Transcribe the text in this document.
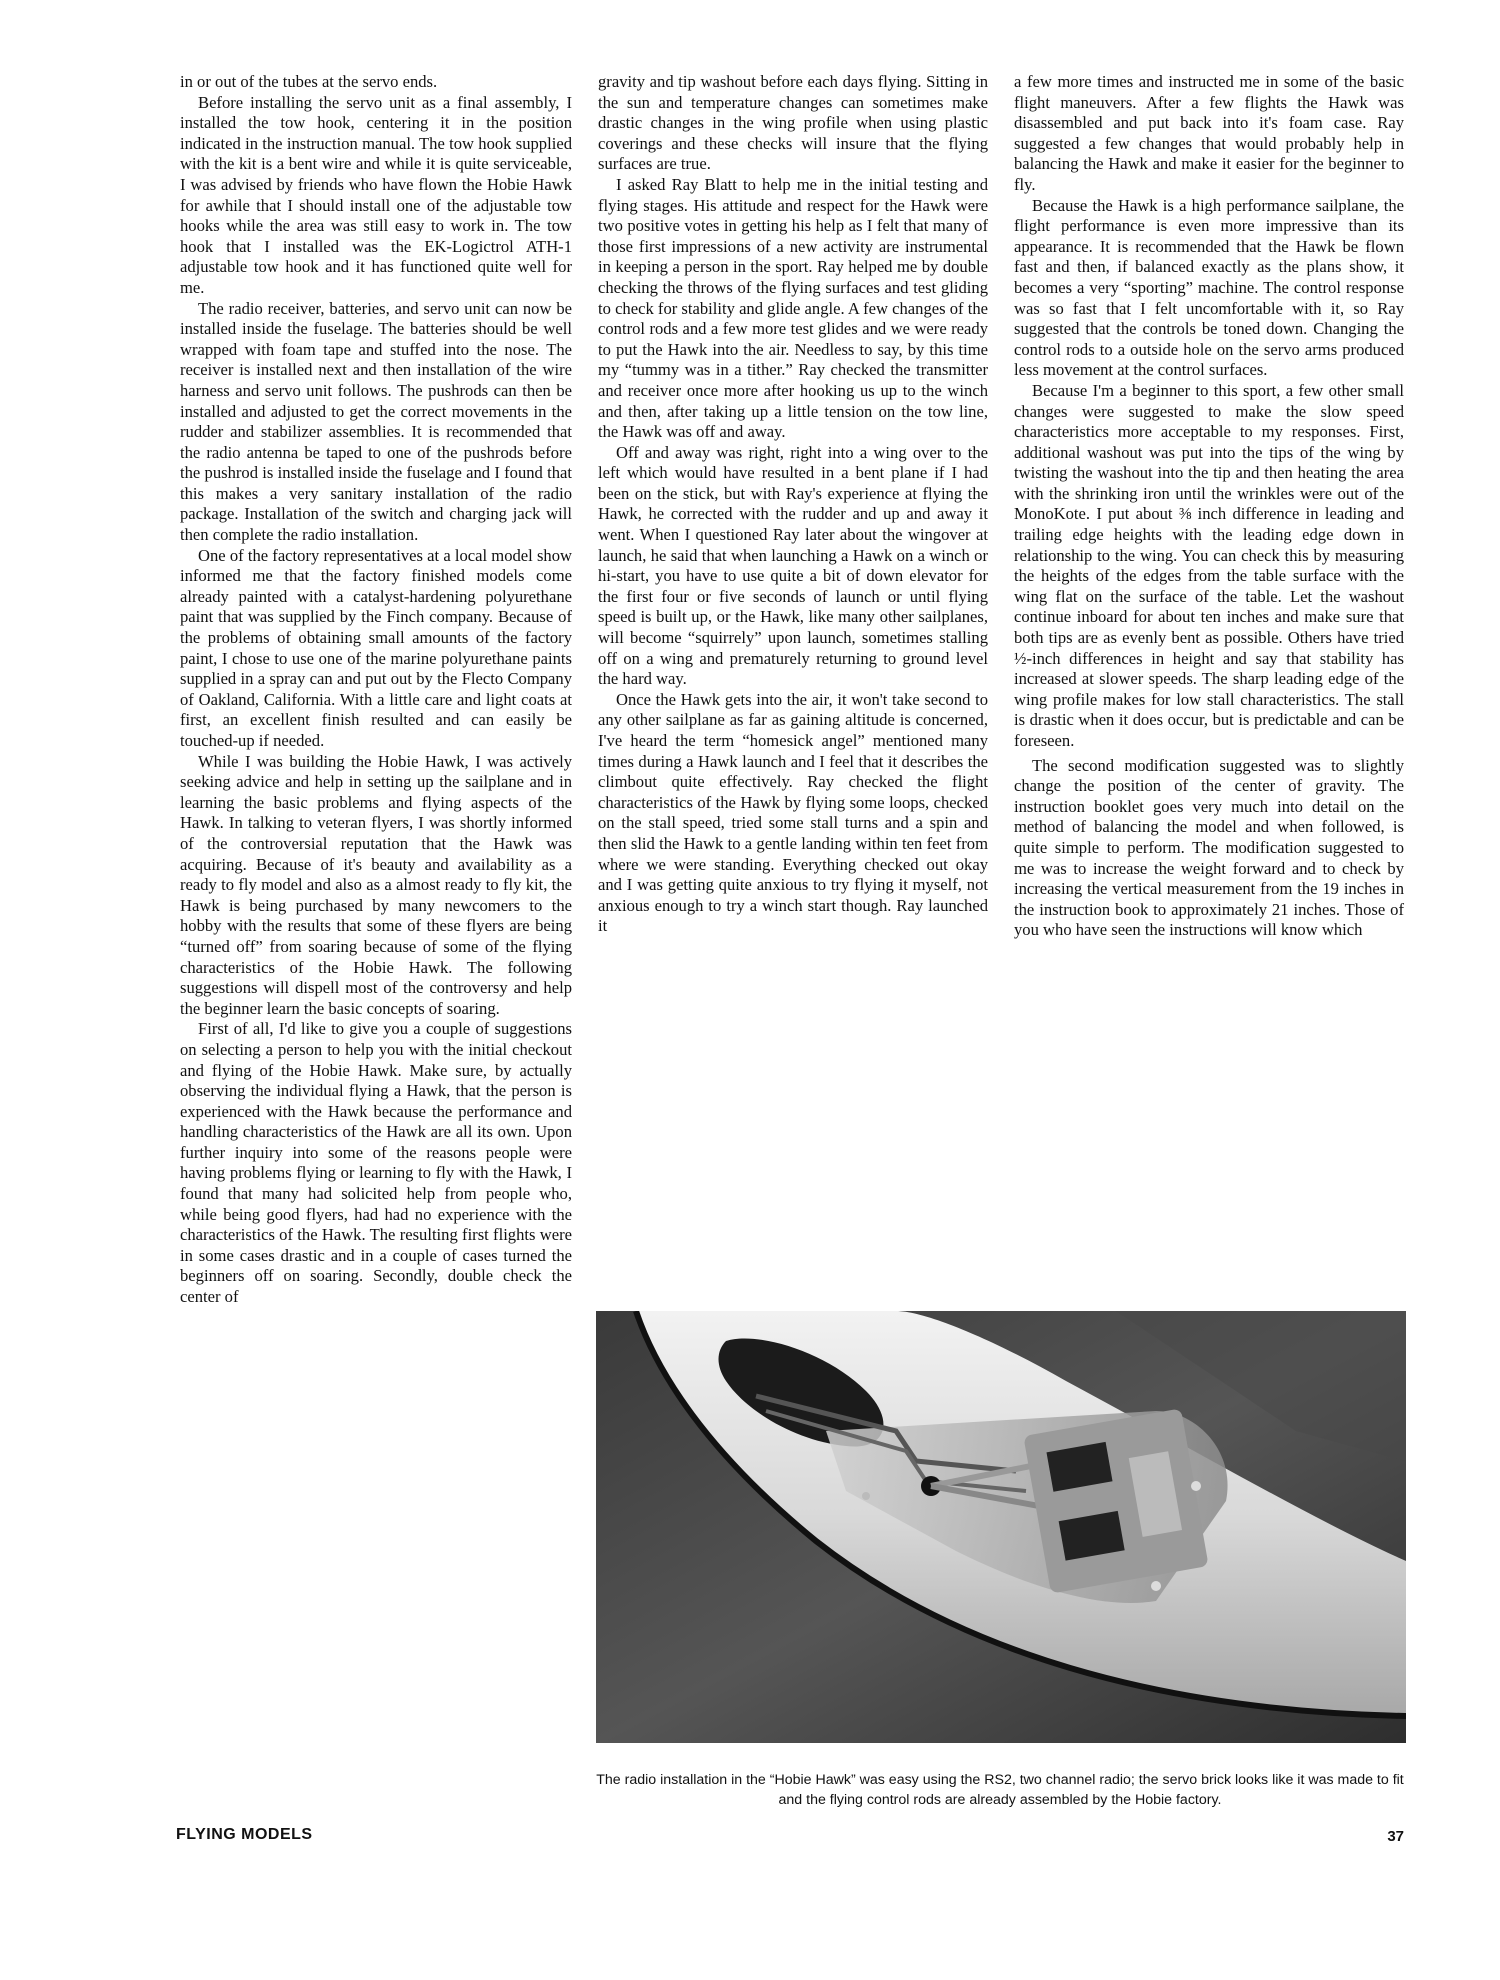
in or out of the tubes at the servo ends.

Before installing the servo unit as a final assembly, I installed the tow hook, centering it in the position indicated in the instruction manual. The tow hook supplied with the kit is a bent wire and while it is quite serviceable, I was advised by friends who have flown the Hobie Hawk for awhile that I should install one of the adjustable tow hooks while the area was still easy to work in. The tow hook that I installed was the EK-Logictrol ATH-1 adjustable tow hook and it has functioned quite well for me.

The radio receiver, batteries, and servo unit can now be installed inside the fuselage. The batteries should be well wrapped with foam tape and stuffed into the nose. The receiver is installed next and then installation of the wire harness and servo unit follows. The pushrods can then be installed and adjusted to get the correct movements in the rudder and stabilizer assemblies. It is recommended that the radio antenna be taped to one of the pushrods before the pushrod is installed inside the fuselage and I found that this makes a very sanitary installation of the radio package. Installation of the switch and charging jack will then complete the radio installation.

One of the factory representatives at a local model show informed me that the factory finished models come already painted with a catalyst-hardening polyurethane paint that was supplied by the Finch company. Because of the problems of obtaining small amounts of the factory paint, I chose to use one of the marine polyurethane paints supplied in a spray can and put out by the Flecto Company of Oakland, California. With a little care and light coats at first, an excellent finish resulted and can easily be touched-up if needed.

While I was building the Hobie Hawk, I was actively seeking advice and help in setting up the sailplane and in learning the basic problems and flying aspects of the Hawk. In talking to veteran flyers, I was shortly informed of the controversial reputation that the Hawk was acquiring. Because of it's beauty and availability as a ready to fly model and also as a almost ready to fly kit, the Hawk is being purchased by many newcomers to the hobby with the results that some of these flyers are being “turned off” from soaring because of some of the flying characteristics of the Hobie Hawk. The following suggestions will dispell most of the controversy and help the beginner learn the basic concepts of soaring.

First of all, I'd like to give you a couple of suggestions on selecting a person to help you with the initial checkout and flying of the Hobie Hawk. Make sure, by actually observing the individual flying a Hawk, that the person is experienced with the Hawk because the performance and handling characteristics of the Hawk are all its own. Upon further inquiry into some of the reasons people were having problems flying or learning to fly with the Hawk, I found that many had solicited help from people who, while being good flyers, had had no experience with the characteristics of the Hawk. The resulting first flights were in some cases drastic and in a couple of cases turned the beginners off on soaring. Secondly, double check the center of

gravity and tip washout before each days flying. Sitting in the sun and temperature changes can sometimes make drastic changes in the wing profile when using plastic coverings and these checks will insure that the flying surfaces are true.

I asked Ray Blatt to help me in the initial testing and flying stages. His attitude and respect for the Hawk were two positive votes in getting his help as I felt that many of those first impressions of a new activity are instrumental in keeping a person in the sport. Ray helped me by double checking the throws of the flying surfaces and test gliding to check for stability and glide angle. A few changes of the control rods and a few more test glides and we were ready to put the Hawk into the air. Needless to say, by this time my “tummy was in a tither.” Ray checked the transmitter and receiver once more after hooking us up to the winch and then, after taking up a little tension on the tow line, the Hawk was off and away.

Off and away was right, right into a wing over to the left which would have resulted in a bent plane if I had been on the stick, but with Ray's experience at flying the Hawk, he corrected with the rudder and up and away it went. When I questioned Ray later about the wingover at launch, he said that when launching a Hawk on a winch or hi-start, you have to use quite a bit of down elevator for the first four or five seconds of launch or until flying speed is built up, or the Hawk, like many other sailplanes, will become “squirrely” upon launch, sometimes stalling off on a wing and prematurely returning to ground level the hard way.

Once the Hawk gets into the air, it won't take second to any other sailplane as far as gaining altitude is concerned, I've heard the term “homesick angel” mentioned many times during a Hawk launch and I feel that it describes the climbout quite effectively. Ray checked the flight characteristics of the Hawk by flying some loops, checked on the stall speed, tried some stall turns and a spin and then slid the Hawk to a gentle landing within ten feet from where we were standing. Everything checked out okay and I was getting quite anxious to try flying it myself, not anxious enough to try a winch start though. Ray launched it

a few more times and instructed me in some of the basic flight maneuvers. After a few flights the Hawk was disassembled and put back into it's foam case. Ray suggested a few changes that would probably help in balancing the Hawk and make it easier for the beginner to fly.

Because the Hawk is a high performance sailplane, the flight performance is even more impressive than its appearance. It is recommended that the Hawk be flown fast and then, if balanced exactly as the plans show, it becomes a very “sporting” machine. The control response was so fast that I felt uncomfortable with it, so Ray suggested that the controls be toned down. Changing the control rods to a outside hole on the servo arms produced less movement at the control surfaces.

Because I'm a beginner to this sport, a few other small changes were suggested to make the slow speed characteristics more acceptable to my responses. First, additional washout was put into the tips of the wing by twisting the washout into the tip and then heating the area with the shrinking iron until the wrinkles were out of the MonoKote. I put about ⅜ inch difference in leading and trailing edge heights with the leading edge down in relationship to the wing. You can check this by measuring the heights of the edges from the table surface with the wing flat on the surface of the table. Let the washout continue inboard for about ten inches and make sure that both tips are as evenly bent as possible. Others have tried ½-inch differences in height and say that stability has increased at slower speeds. The sharp leading edge of the wing profile makes for low stall characteristics. The stall is drastic when it does occur, but is predictable and can be foreseen.

The second modification suggested was to slightly change the position of the center of gravity. The instruction booklet goes very much into detail on the method of balancing the model and when followed, is quite simple to perform. The modification suggested to me was to increase the weight forward and to check by increasing the vertical measurement from the 19 inches in the instruction book to approximately 21 inches. Those of you who have seen the instructions will know which

The radio installation in the “Hobie Hawk” was easy using the RS2, two channel radio; the servo brick looks like it was made to fit and the flying control rods are already assembled by the Hobie factory.
FLYING MODELS	37
